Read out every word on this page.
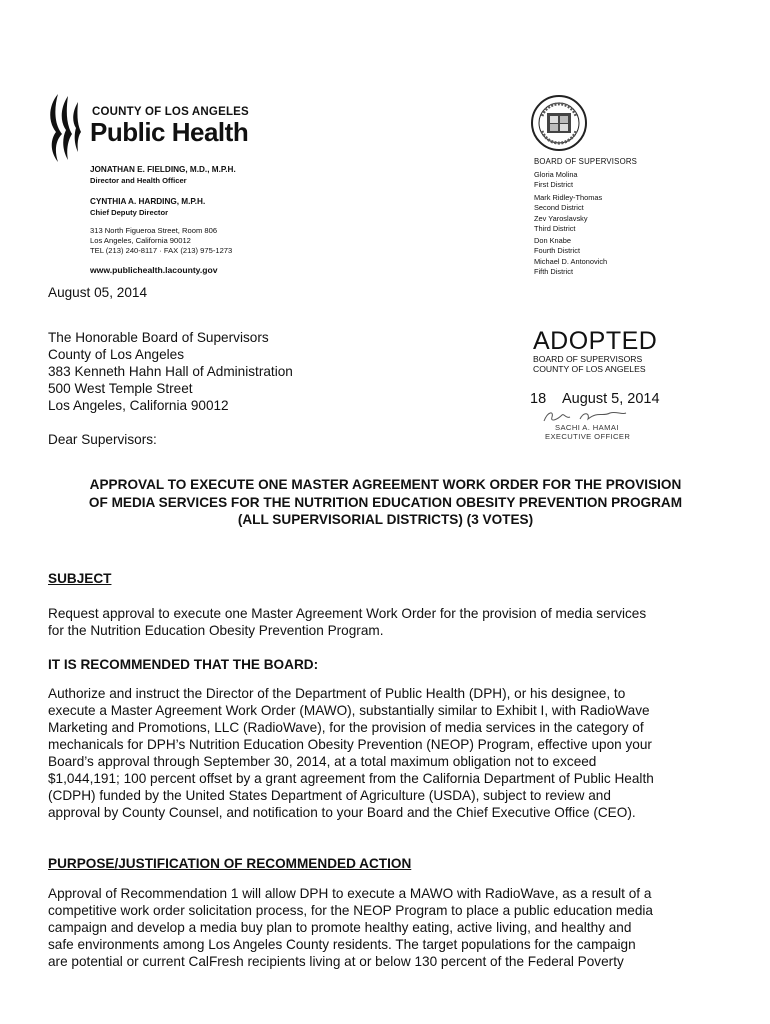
COUNTY OF LOS ANGELES
Public Health
JONATHAN E. FIELDING, M.D., M.P.H.
Director and Health Officer
CYNTHIA A. HARDING, M.P.H.
Chief Deputy Director
313 North Figueroa Street, Room 806
Los Angeles, California 90012
TEL (213) 240-8117 · FAX (213) 975-1273
www.publichealth.lacounty.gov
BOARD OF SUPERVISORS
Gloria Molina
First District
Mark Ridley-Thomas
Second District
Zev Yaroslavsky
Third District
Don Knabe
Fourth District
Michael D. Antonovich
Fifth District
August 05, 2014
The Honorable Board of Supervisors
County of Los Angeles
383 Kenneth Hahn Hall of Administration
500 West Temple Street
Los Angeles, California 90012
ADOPTED
BOARD OF SUPERVISORS
COUNTY OF LOS ANGELES
18 August 5, 2014
SACHI A. HAMAI
EXECUTIVE OFFICER
Dear Supervisors:
APPROVAL TO EXECUTE ONE MASTER AGREEMENT WORK ORDER FOR THE PROVISION
OF MEDIA SERVICES FOR THE NUTRITION EDUCATION OBESITY PREVENTION PROGRAM
(ALL SUPERVISORIAL DISTRICTS) (3 VOTES)
SUBJECT
Request approval to execute one Master Agreement Work Order for the provision of media services
for the Nutrition Education Obesity Prevention Program.
IT IS RECOMMENDED THAT THE BOARD:
Authorize and instruct the Director of the Department of Public Health (DPH), or his designee, to
execute a Master Agreement Work Order (MAWO), substantially similar to Exhibit I, with RadioWave
Marketing and Promotions, LLC (RadioWave), for the provision of media services in the category of
mechanicals for DPH’s Nutrition Education Obesity Prevention (NEOP) Program, effective upon your
Board’s approval through September 30, 2014, at a total maximum obligation not to exceed
$1,044,191; 100 percent offset by a grant agreement from the California Department of Public Health
(CDPH) funded by the United States Department of Agriculture (USDA), subject to review and
approval by County Counsel, and notification to your Board and the Chief Executive Office (CEO).
PURPOSE/JUSTIFICATION OF RECOMMENDED ACTION
Approval of Recommendation 1 will allow DPH to execute a MAWO with RadioWave, as a result of a
competitive work order solicitation process, for the NEOP Program to place a public education media
campaign and develop a media buy plan to promote healthy eating, active living, and healthy and
safe environments among Los Angeles County residents. The target populations for the campaign
are potential or current CalFresh recipients living at or below 130 percent of the Federal Poverty
